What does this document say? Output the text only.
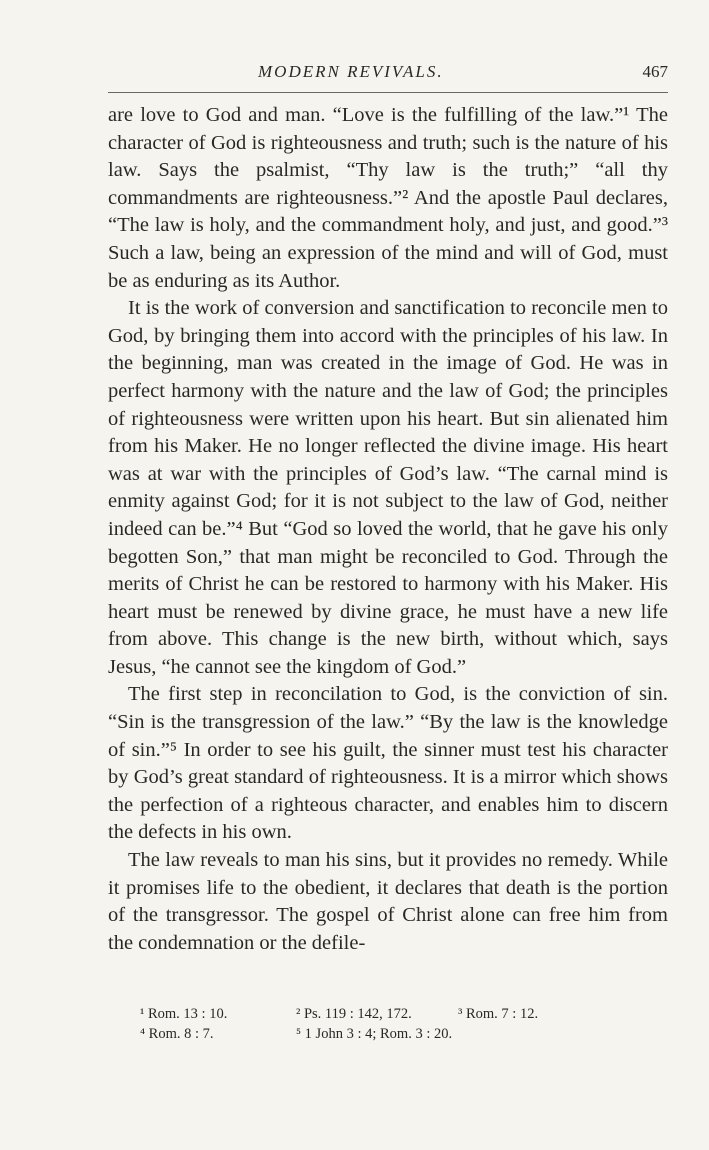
MODERN REVIVALS.	467

are love to God and man. “Love is the fulfilling of the law.”¹ The character of God is righteousness and truth; such is the nature of his law. Says the psalmist, “Thy law is the truth;” “all thy commandments are righteousness.”² And the apostle Paul declares, “The law is holy, and the commandment holy, and just, and good.”³ Such a law, being an expression of the mind and will of God, must be as enduring as its Author.

It is the work of conversion and sanctification to reconcile men to God, by bringing them into accord with the principles of his law. In the beginning, man was created in the image of God. He was in perfect harmony with the nature and the law of God; the principles of righteousness were written upon his heart. But sin alienated him from his Maker. He no longer reflected the divine image. His heart was at war with the principles of God’s law. “The carnal mind is enmity against God; for it is not subject to the law of God, neither indeed can be.”⁴ But “God so loved the world, that he gave his only begotten Son,” that man might be reconciled to God. Through the merits of Christ he can be restored to harmony with his Maker. His heart must be renewed by divine grace, he must have a new life from above. This change is the new birth, without which, says Jesus, “he cannot see the kingdom of God.”

The first step in reconcilation to God, is the conviction of sin. “Sin is the transgression of the law.” “By the law is the knowledge of sin.”⁵ In order to see his guilt, the sinner must test his character by God’s great standard of righteousness. It is a mirror which shows the perfection of a righteous character, and enables him to discern the defects in his own.

The law reveals to man his sins, but it provides no remedy. While it promises life to the obedient, it declares that death is the portion of the transgressor. The gospel of Christ alone can free him from the condemnation or the defile-

¹ Rom. 13 : 10.	² Ps. 119 : 142, 172.	³ Rom. 7 : 12.
⁴ Rom. 8 : 7.	⁵ 1 John 3 : 4; Rom. 3 : 20.
